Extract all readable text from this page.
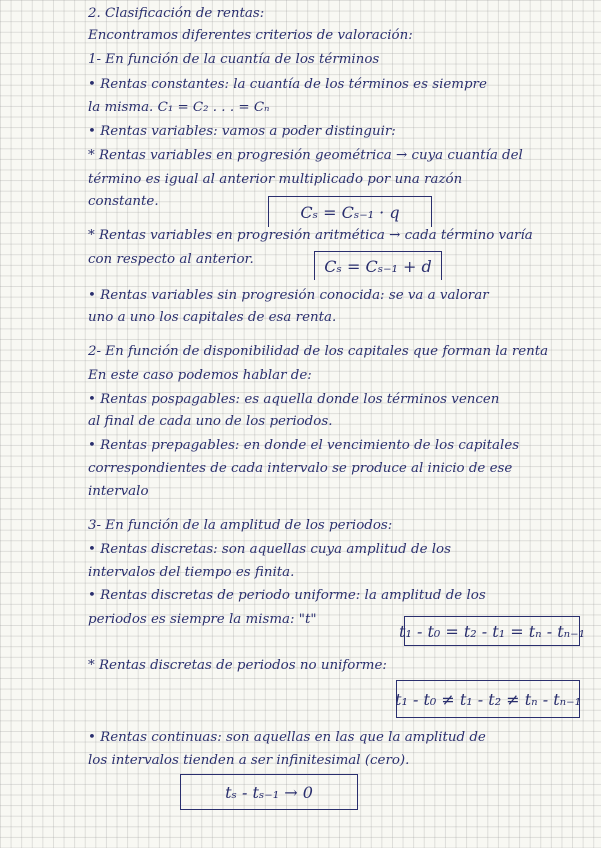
2. Clasificación de rentas:
Encontramos diferentes criterios de valoración:
1- En función de la cuantía de los términos
• Rentas constantes: la cuantía de los términos es siempre
la misma. C₁ = C₂ . . . = Cₙ
• Rentas variables: vamos a poder distinguir:
* Rentas variables en progresión geométrica → cuya cuantía del
término es igual al anterior multiplicado por una razón
constante.
Cₛ = Cₛ₋₁ · q
* Rentas variables en progresión aritmética → cada término varía
con respecto al anterior.	Cₛ = Cₛ₋₁ + d
• Rentas variables sin progresión conocida: se va a valorar
uno a uno los capitales de esa renta.
2- En función de disponibilidad de los capitales que forman la renta
En este caso podemos hablar de:
• Rentas pospagables: es aquella donde los términos vencen
al final de cada uno de los periodos.
• Rentas prepagables: en donde el vencimiento de los capitales
correspondientes de cada intervalo se produce al inicio de ese
intervalo
3- En función de la amplitud de los periodos:
• Rentas discretas: son aquellas cuya amplitud de los
intervalos del tiempo es finita.
• Rentas discretas de periodo uniforme: la amplitud de los
periodos es siempre la misma: "t"
t₁ - t₀ = t₂ - t₁ = tₙ - tₙ₋₁
* Rentas discretas de periodos no uniforme:
t₁ - t₀ ≠ t₁ - t₂ ≠ tₙ - tₙ₋₁
• Rentas continuas: son aquellas en las que la amplitud de
los intervalos tienden a ser infinitesimal (cero).
tₛ - tₛ₋₁ → 0
